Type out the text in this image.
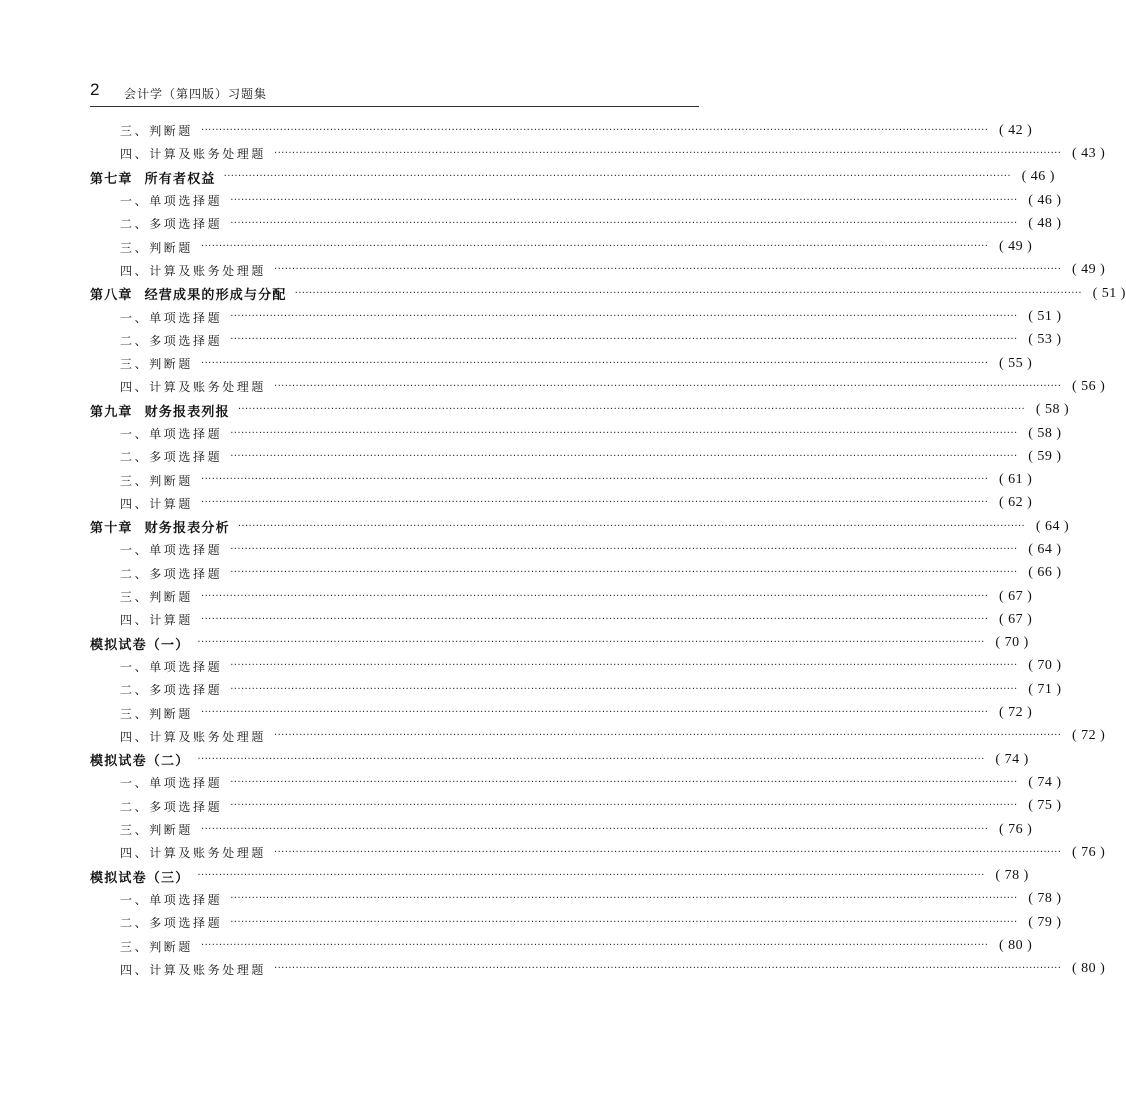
2 会计学（第四版）习题集
三、判断题 ···························································································································································································································· ( 42 )
四、计算及账务处理题 ···························································································································································································································· ( 43 )
第七章 所有者权益 ···························································································································································································································· ( 46 )
一、单项选择题 ···························································································································································································································· ( 46 )
二、多项选择题 ···························································································································································································································· ( 48 )
三、判断题 ···························································································································································································································· ( 49 )
四、计算及账务处理题 ···························································································································································································································· ( 49 )
第八章 经营成果的形成与分配 ···························································································································································································································· ( 51 )
一、单项选择题 ···························································································································································································································· ( 51 )
二、多项选择题 ···························································································································································································································· ( 53 )
三、判断题 ···························································································································································································································· ( 55 )
四、计算及账务处理题 ···························································································································································································································· ( 56 )
第九章 财务报表列报 ···························································································································································································································· ( 58 )
一、单项选择题 ···························································································································································································································· ( 58 )
二、多项选择题 ···························································································································································································································· ( 59 )
三、判断题 ···························································································································································································································· ( 61 )
四、计算题 ···························································································································································································································· ( 62 )
第十章 财务报表分析 ···························································································································································································································· ( 64 )
一、单项选择题 ···························································································································································································································· ( 64 )
二、多项选择题 ···························································································································································································································· ( 66 )
三、判断题 ···························································································································································································································· ( 67 )
四、计算题 ···························································································································································································································· ( 67 )
模拟试卷（一） ···························································································································································································································· ( 70 )
一、单项选择题 ···························································································································································································································· ( 70 )
二、多项选择题 ···························································································································································································································· ( 71 )
三、判断题 ···························································································································································································································· ( 72 )
四、计算及账务处理题 ···························································································································································································································· ( 72 )
模拟试卷（二） ···························································································································································································································· ( 74 )
一、单项选择题 ···························································································································································································································· ( 74 )
二、多项选择题 ···························································································································································································································· ( 75 )
三、判断题 ···························································································································································································································· ( 76 )
四、计算及账务处理题 ···························································································································································································································· ( 76 )
模拟试卷（三） ···························································································································································································································· ( 78 )
一、单项选择题 ···························································································································································································································· ( 78 )
二、多项选择题 ···························································································································································································································· ( 79 )
三、判断题 ···························································································································································································································· ( 80 )
四、计算及账务处理题 ···························································································································································································································· ( 80 )
